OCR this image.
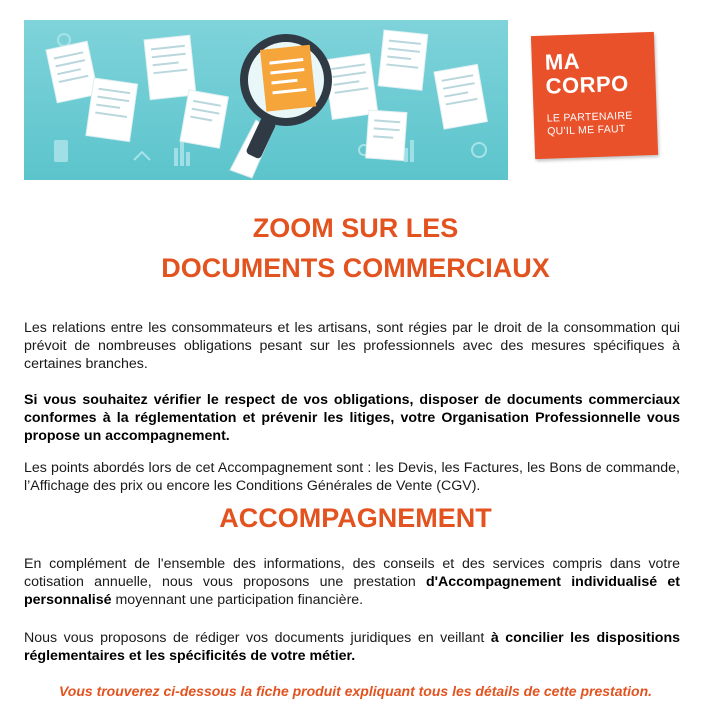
MA
CORPO
LE PARTENAIRE
QU'IL ME FAUT
ZOOM SUR LES
DOCUMENTS COMMERCIAUX
Les relations entre les consommateurs et les artisans, sont régies par le droit de la consommation qui prévoit de nombreuses obligations pesant sur les professionnels avec des mesures spécifiques à certaines branches.
Si vous souhaitez vérifier le respect de vos obligations, disposer de documents commerciaux conformes à la réglementation et prévenir les litiges, votre Organisation Professionnelle vous propose un accompagnement.
Les points abordés lors de cet Accompagnement sont : les Devis, les Factures, les Bons de commande, l’Affichage des prix ou encore les Conditions Générales de Vente (CGV).
ACCOMPAGNEMENT
En complément de l'ensemble des informations, des conseils et des services compris dans votre cotisation annuelle, nous vous proposons une prestation d'Accompagnement individualisé et personnalisé moyennant une participation financière.
Nous vous proposons de rédiger vos documents juridiques en veillant à concilier les dispositions réglementaires et les spécificités de votre métier.
Vous trouverez ci-dessous la fiche produit expliquant tous les détails de cette prestation.
